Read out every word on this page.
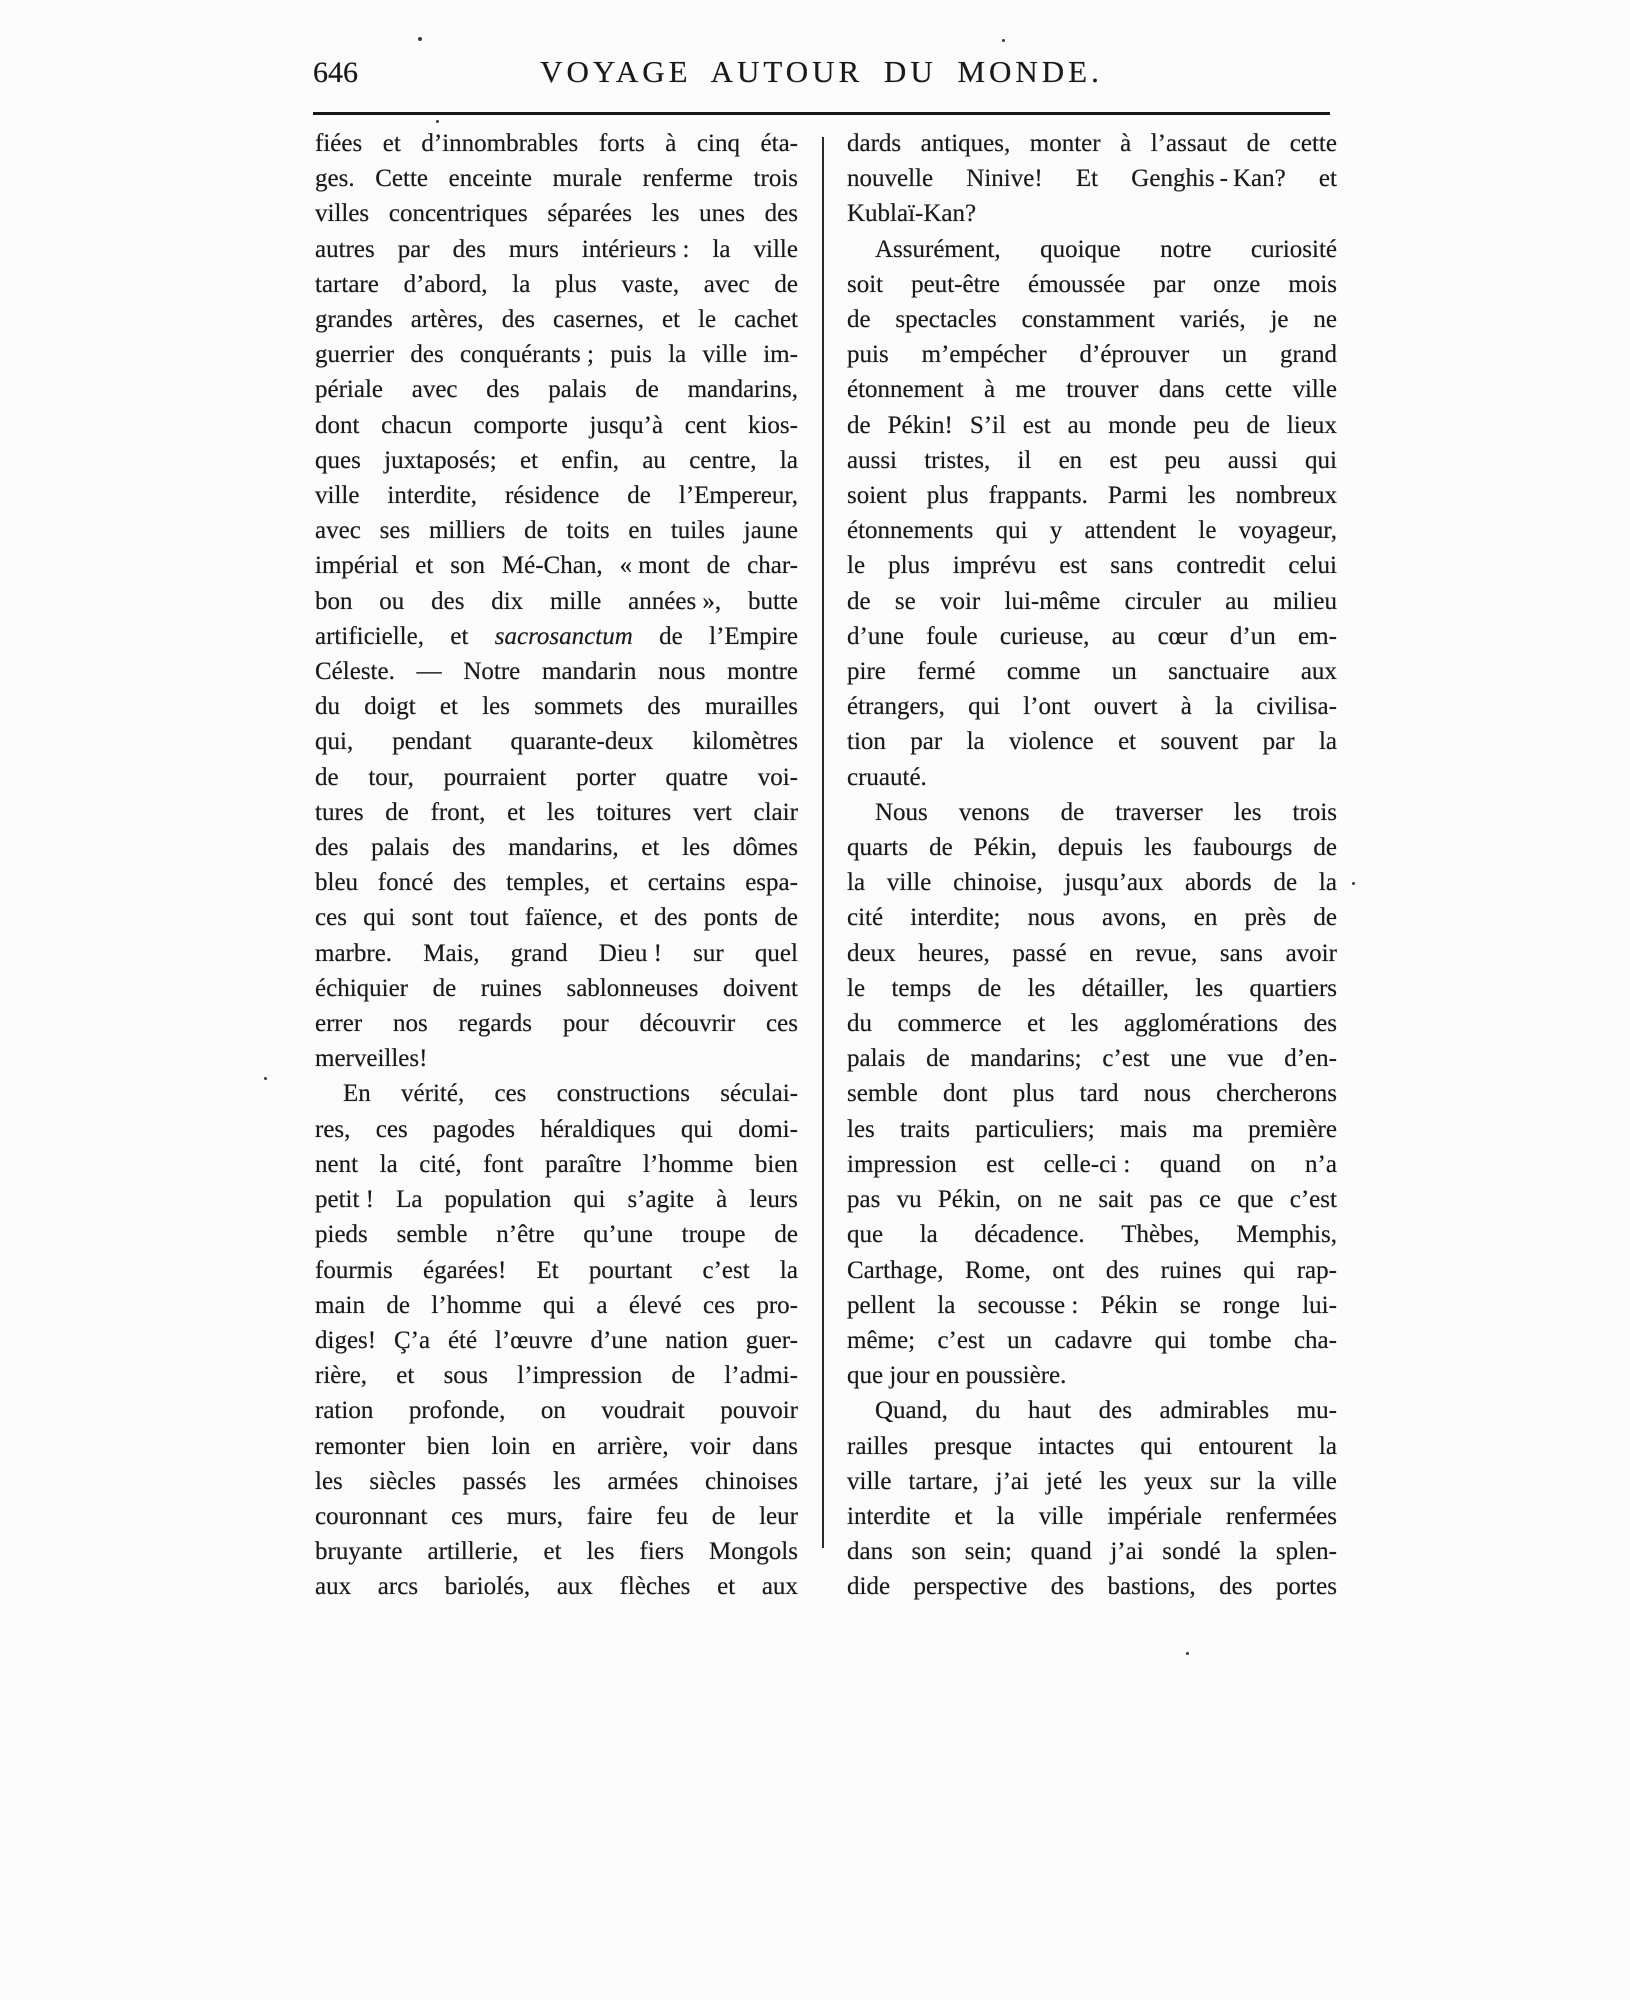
646	VOYAGE AUTOUR DU MONDE.
fiées et d’innombrables forts à cinq éta-
ges. Cette enceinte murale renferme trois
villes concentriques séparées les unes des
autres par des murs intérieurs : la ville
tartare d’abord, la plus vaste, avec de
grandes artères, des casernes, et le cachet
guerrier des conquérants ; puis la ville im-
périale avec des palais de mandarins,
dont chacun comporte jusqu’à cent kios-
ques juxtaposés; et enfin, au centre, la
ville interdite, résidence de l’Empereur,
avec ses milliers de toits en tuiles jaune
impérial et son Mé-Chan, « mont de char-
bon ou des dix mille années », butte
artificielle, et sacrosanctum de l’Empire
Céleste. — Notre mandarin nous montre
du doigt et les sommets des murailles
qui, pendant quarante-deux kilomètres
de tour, pourraient porter quatre voi-
tures de front, et les toitures vert clair
des palais des mandarins, et les dômes
bleu foncé des temples, et certains espa-
ces qui sont tout faïence, et des ponts de
marbre. Mais, grand Dieu ! sur quel
échiquier de ruines sablonneuses doivent
errer nos regards pour découvrir ces
merveilles!
En vérité, ces constructions séculai-
res, ces pagodes héraldiques qui domi-
nent la cité, font paraître l’homme bien
petit ! La population qui s’agite à leurs
pieds semble n’être qu’une troupe de
fourmis égarées! Et pourtant c’est la
main de l’homme qui a élevé ces pro-
diges! Ç’a été l’œuvre d’une nation guer-
rière, et sous l’impression de l’admi-
ration profonde, on voudrait pouvoir
remonter bien loin en arrière, voir dans
les siècles passés les armées chinoises
couronnant ces murs, faire feu de leur
bruyante artillerie, et les fiers Mongols
aux arcs bariolés, aux flèches et aux
dards antiques, monter à l’assaut de cette
nouvelle Ninive! Et Genghis - Kan? et
Kublaï-Kan?
Assurément, quoique notre curiosité
soit peut-être émoussée par onze mois
de spectacles constamment variés, je ne
puis m’empécher d’éprouver un grand
étonnement à me trouver dans cette ville
de Pékin! S’il est au monde peu de lieux
aussi tristes, il en est peu aussi qui
soient plus frappants. Parmi les nombreux
étonnements qui y attendent le voyageur,
le plus imprévu est sans contredit celui
de se voir lui-même circuler au milieu
d’une foule curieuse, au cœur d’un em-
pire fermé comme un sanctuaire aux
étrangers, qui l’ont ouvert à la civilisa-
tion par la violence et souvent par la
cruauté.
Nous venons de traverser les trois
quarts de Pékin, depuis les faubourgs de
la ville chinoise, jusqu’aux abords de la
cité interdite; nous avons, en près de
deux heures, passé en revue, sans avoir
le temps de les détailler, les quartiers
du commerce et les agglomérations des
palais de mandarins; c’est une vue d’en-
semble dont plus tard nous chercherons
les traits particuliers; mais ma première
impression est celle-ci : quand on n’a
pas vu Pékin, on ne sait pas ce que c’est
que la décadence. Thèbes, Memphis,
Carthage, Rome, ont des ruines qui rap-
pellent la secousse : Pékin se ronge lui-
même; c’est un cadavre qui tombe cha-
que jour en poussière.
Quand, du haut des admirables mu-
railles presque intactes qui entourent la
ville tartare, j’ai jeté les yeux sur la ville
interdite et la ville impériale renfermées
dans son sein; quand j’ai sondé la splen-
dide perspective des bastions, des portes
